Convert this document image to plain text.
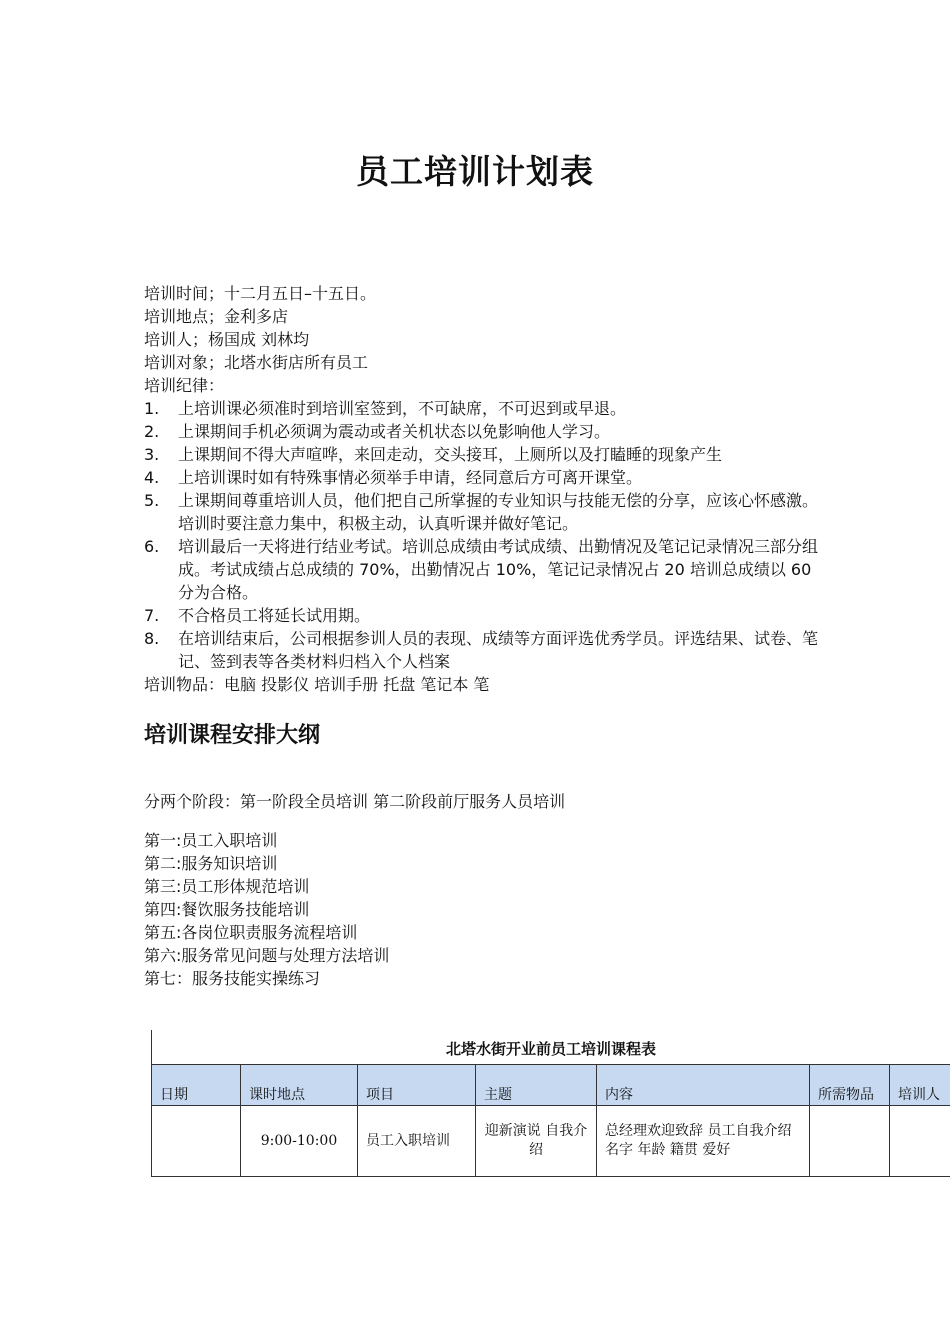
员工培训计划表

培训时间；十二月五日–十五日。

培训地点；金利多店

培训人；杨国成 刘林均

培训对象；北塔水街店所有员工

培训纪律：

1. 上培训课必须准时到培训室签到，不可缺席，不可迟到或早退。
2. 上课期间手机必须调为震动或者关机状态以免影响他人学习。
3. 上课期间不得大声喧哗，来回走动，交头接耳，上厕所以及打瞌睡的现象产生
4. 上培训课时如有特殊事情必须举手申请，经同意后方可离开课堂。
5. 上课期间尊重培训人员，他们把自己所掌握的专业知识与技能无偿的分享，应该心怀感激。培训时要注意力集中，积极主动，认真听课并做好笔记。
6. 培训最后一天将进行结业考试。培训总成绩由考试成绩、出勤情况及笔记记录情况三部分组成。考试成绩占总成绩的 70%，出勤情况占 10%，笔记记录情况占 20 培训总成绩以 60 分为合格。
7. 不合格员工将延长试用期。
8. 在培训结束后，公司根据参训人员的表现、成绩等方面评选优秀学员。评选结果、试卷、笔记、签到表等各类材料归档入个人档案

培训物品：电脑 投影仪 培训手册 托盘 笔记本 笔

培训课程安排大纲
分两个阶段：第一阶段全员培训 第二阶段前厅服务人员培训
第一:员工入职培训
第二:服务知识培训
第三:员工形体规范培训
第四:餐饮服务技能培训
第五:各岗位职责服务流程培训
第六:服务常见问题与处理方法培训
第七：服务技能实操练习
北塔水街开业前员工培训课程表
日期	课时地点	项目	主题	内容	所需物品	培训人
	9:00-10:00	员工入职培训	迎新演说 自我介绍	总经理欢迎致辞 员工自我介绍 名字 年龄 籍贯 爱好		
